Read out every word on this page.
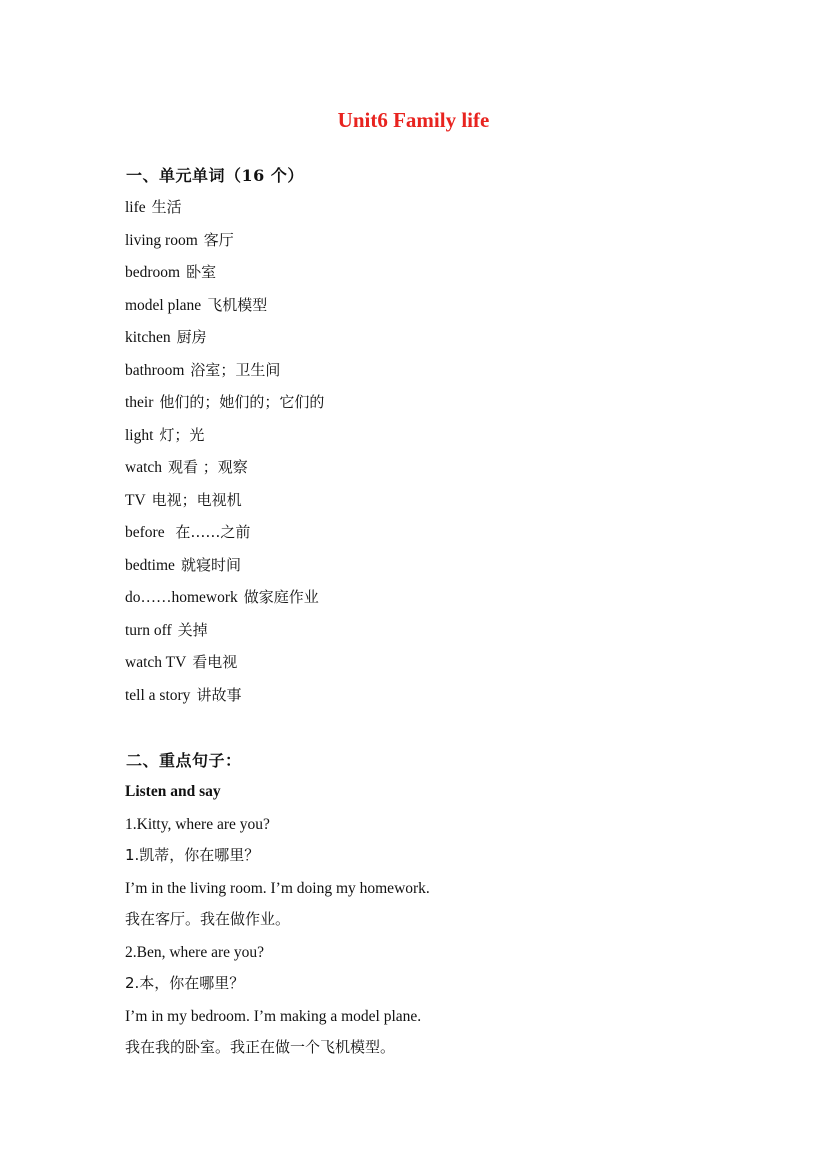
Unit6 Family life
一、单元单词（16 个）
life 生活
living room 客厅
bedroom 卧室
model plane 飞机模型
kitchen 厨房
bathroom 浴室；卫生间
their 他们的；她们的；它们的
light 灯；光
watch 观看 ；观察
TV 电视；电视机
before 在……之前
bedtime 就寝时间
do……homework 做家庭作业
turn off 关掉
watch TV 看电视
tell a story 讲故事
二、重点句子：
Listen and say
1.Kitty, where are you?
1.凯蒂，你在哪里？
I’m in the living room. I’m doing my homework.
我在客厅。我在做作业。
2.Ben, where are you?
2.本，你在哪里？
I’m in my bedroom. I’m making a model plane.
我在我的卧室。我正在做一个飞机模型。
